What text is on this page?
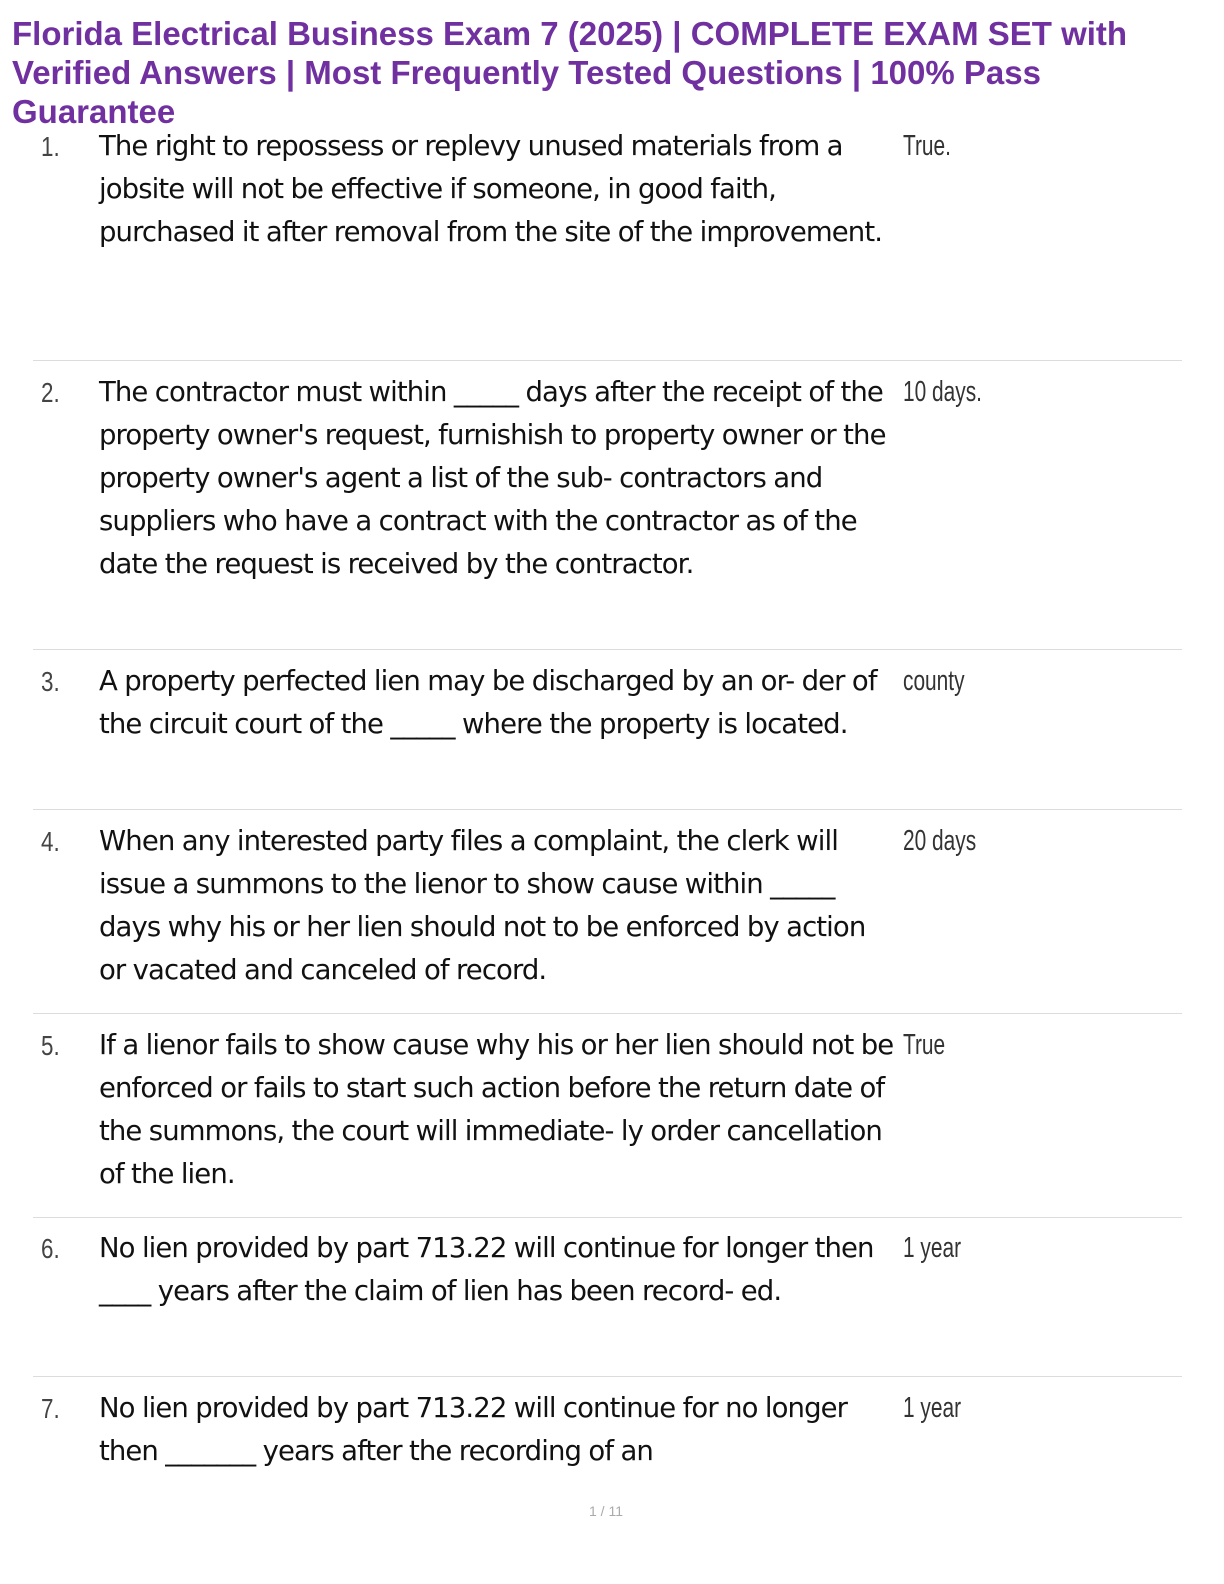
Florida Electrical Business Exam 7 (2025) | COMPLETE EXAM SET with Verified Answers | Most Frequently Tested Questions | 100% Pass Guarantee
1. The right to repossess or replevy unused materials from a jobsite will not be effective if someone, in good faith, purchased it after removal from the site of the improvement.
True.
2. The contractor must within _____ days after the receipt of the property owner's request, furnishish to property owner or the property owner's agent a list of the sub- contractors and suppliers who have a contract with the contractor as of the date the request is received by the contractor.
10 days.
3. A property perfected lien may be discharged by an or- der of the circuit court of the _____ where the property is located.
county
4. When any interested party files a complaint, the clerk will issue a summons to the lienor to show cause within _____ days why his or her lien should not to be enforced by action or vacated and canceled of record.
20 days
5. If a lienor fails to show cause why his or her lien should not be enforced or fails to start such action before the return date of the summons, the court will immediate- ly order cancellation of the lien.
True
6. No lien provided by part 713.22 will continue for longer then ____ years after the claim of lien has been record- ed.
1 year
7. No lien provided by part 713.22 will continue for no longer then _______ years after the recording of an
1 year
1 / 11
